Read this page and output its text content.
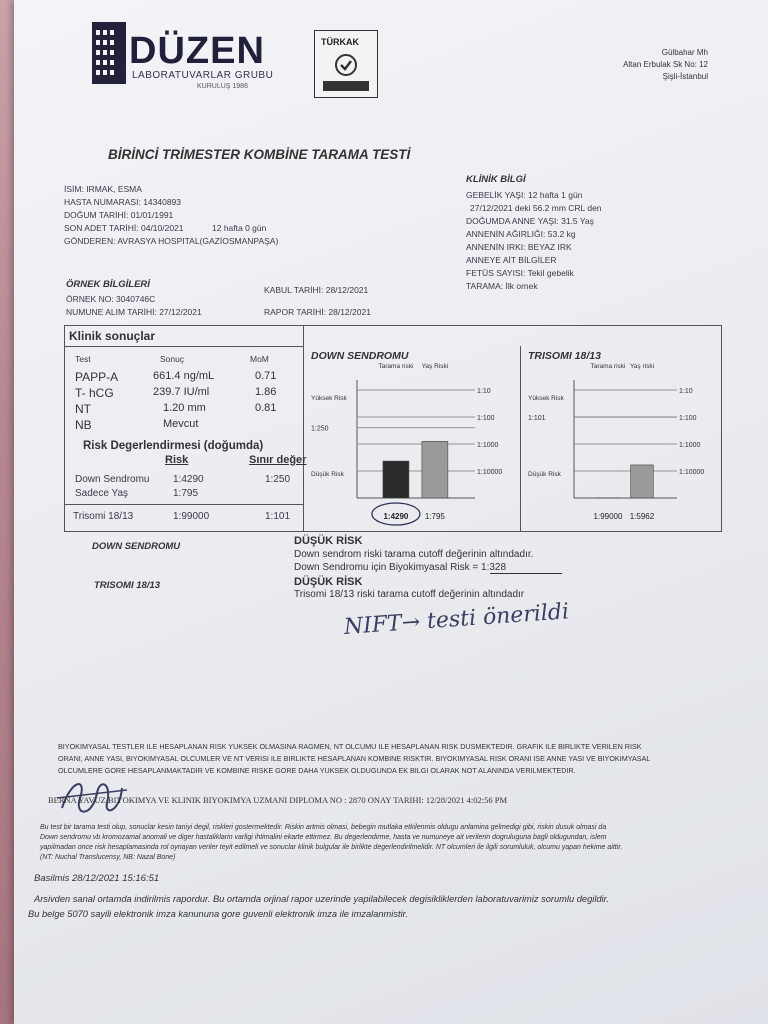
DÜZEN
LABORATUVARLAR GRUBU
KURULUŞ 1986
TÜRKAK
Gülbahar Mh
Altan Erbulak Sk No: 12
Şişli-İstanbul
BİRİNCİ TRİMESTER KOMBİNE TARAMA TESTİ
İSİM: IRMAK, ESMA
HASTA NUMARASI: 14340893
DOĞUM TARİHİ: 01/01/1991
SON ADET TARİHİ: 04/10/2021	12 hafta 0 gün
GÖNDEREN: AVRASYA HOSPITAL(GAZİOSMANPAŞA)
KLİNİK BİLGİ
GEBELİK YAŞI: 12 hafta 1 gün
27/12/2021 deki 56.2 mm CRL den
DOĞUMDA ANNE YAŞI: 31.5 Yaş
ANNENİN AĞIRLIĞI: 53.2 kg
ANNENİN IRKI: BEYAZ IRK
ANNEYE AİT BİLGİLER
FETÜS SAYISI: Tekil gebelik
TARAMA: İlk ornek
ÖRNEK BİLGİLERİ
ÖRNEK NO: 3040746C
NUMUNE ALIM TARİHİ: 27/12/2021
KABUL TARİHİ: 28/12/2021
RAPOR TARİHİ: 28/12/2021
Klinik sonuçlar
Test	Sonuç	MoM
PAPP-A	661.4 ng/mL	0.71
T- hCG	239.7 IU/ml	1.86
NT	1.20 mm	0.81
NB	Mevcut
Risk Degerlendirmesi (doğumda)
Risk	Sınır değer
Down Sendromu 1:4290	1:250
Sadece Yaş	1:795
Trisomi 18/13	1:99000	1:101
DOWN SENDROMU
1:10
1:100
1:250
1:1000
1:10000
Yüksek Risk
Düşük Risk
Tarama riski
1:4290
Yaş Riski
1:795
TRISOMI 18/13
1:10
1:100
1:101
1:1000
1:10000
Yüksek Risk
Düşük Risk
Tarama riski
1:99000
Yaş riski
1:5962
DOWN SENDROMU	DÜŞÜK RİSK
Down sendrom riski tarama cutoff değerinin altındadır.
Down Sendromu için Biyokimyasal Risk = 1:328
TRISOMI 18/13	DÜŞÜK RİSK
Trisomi 18/13 riski tarama cutoff değerinin altındadır
NIFT→ testi önerildi
BIYOKIMYASAL TESTLER ILE HESAPLANAN RISK YUKSEK OLMASINA RAGMEN, NT OLCUMU ILE HESAPLANAN RISK DUSMEKTEDIR. GRAFIK ILE BIRLIKTE VERILEN RISK
ORANI, ANNE YASI, BIYOKIMYASAL OLCUMLER VE NT VERISI ILE BIRLIKTE HESAPLANAN KOMBINE RISKTIR. BIYOKIMYASAL RISK ORANI ISE ANNE YASI VE BIYOKIMYASAL
OLCUMLERE GORE HESAPLANMAKTADIR VE KOMBINE RISKE GORE DAHA YUKSEK OLDUGUNDA EK BILGI OLARAK NOT ALANINDA VERILMEKTEDIR.
BERNA YAVUZ BIYOKIMYA VE KLINIK BIYOKIMYA UZMANI DIPLOMA NO : 2870 ONAY TARIHI: 12/28/2021 4:02:56 PM
Bu test bir tarama testi olup, sonuclar kesin taniyi degil, riskleri gostermektedir. Riskin artmis olmasi, bebegin mutlaka etkilenmis oldugu anlamina gelmedigi gibi, riskin dusuk olmasi da
Down sendromu vb kromozamal anomali ve diger hastaliklarin varligi ihtimalini ekarte ettirmez. Bu degerlendirme, hasta ve numuneye ait verilerin dogruluguna bagli oldugundan, islem
yapilmadan once risk hesaplamasinda rol oynayan veriler teyit edilmeli ve sonuclar klinik bulgular ile birlikte degerlendirilmelidir. NT olcumleri ile ilgili sorumluluk, olcumu yapan hekime aittir.
(NT: Nuchal Translucensy, NB: Nazal Bone)
Basilmis 28/12/2021 15:16:51
Arsivden sanal ortamda indirilmis rapordur. Bu ortamda orjinal rapor uzerinde yapilabilecek degisikliklerden laboratuvarimiz sorumlu degildir.
Bu belge 5070 sayili elektronik imza kanununa gore guvenli elektronik imza ile imzalanmistir.
